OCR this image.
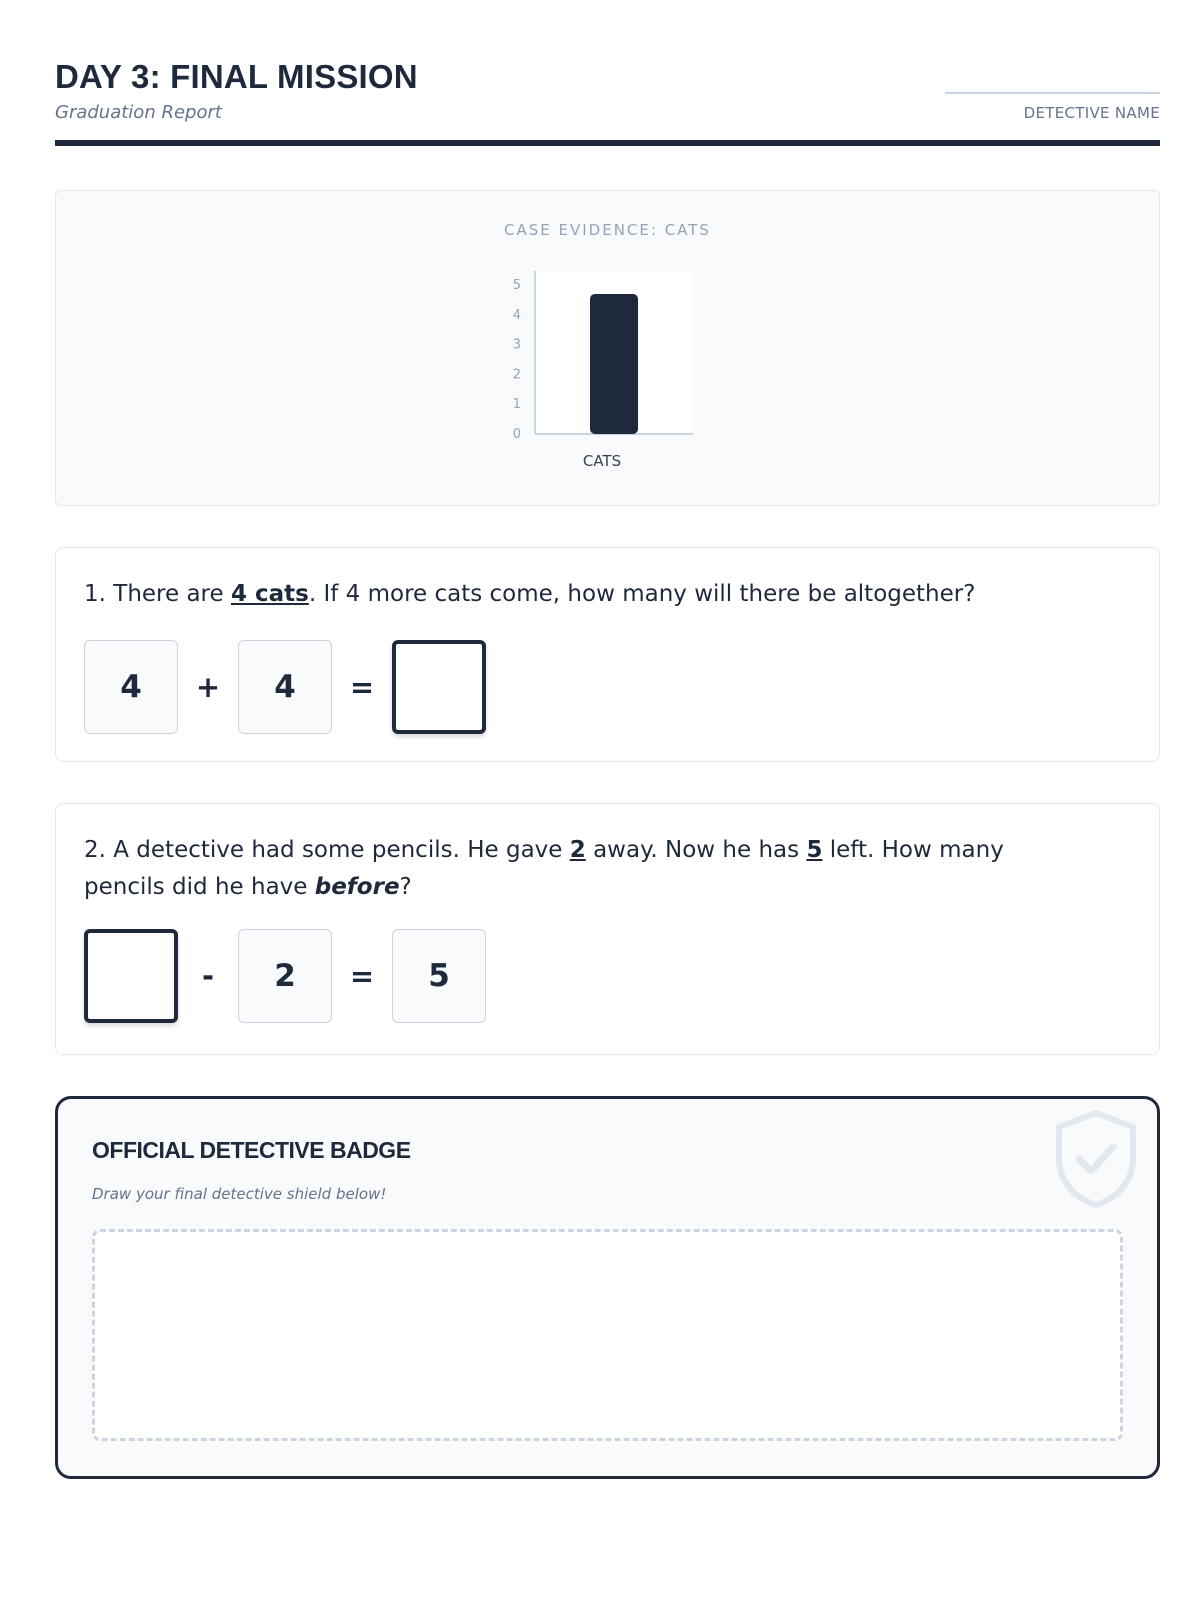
DAY 3: FINAL MISSION
Graduation Report	DETECTIVE NAME
CASE EVIDENCE: CATS
0
1
2
3
4
5
CATS
1. There are 4 cats. If 4 more cats come, how many will there be altogether?
4	+	4	=
2. A detective had some pencils. He gave 2 away. Now he has 5 left. How many pencils did he have before?
-	2	=	5
OFFICIAL DETECTIVE BADGE
Draw your final detective shield below!
